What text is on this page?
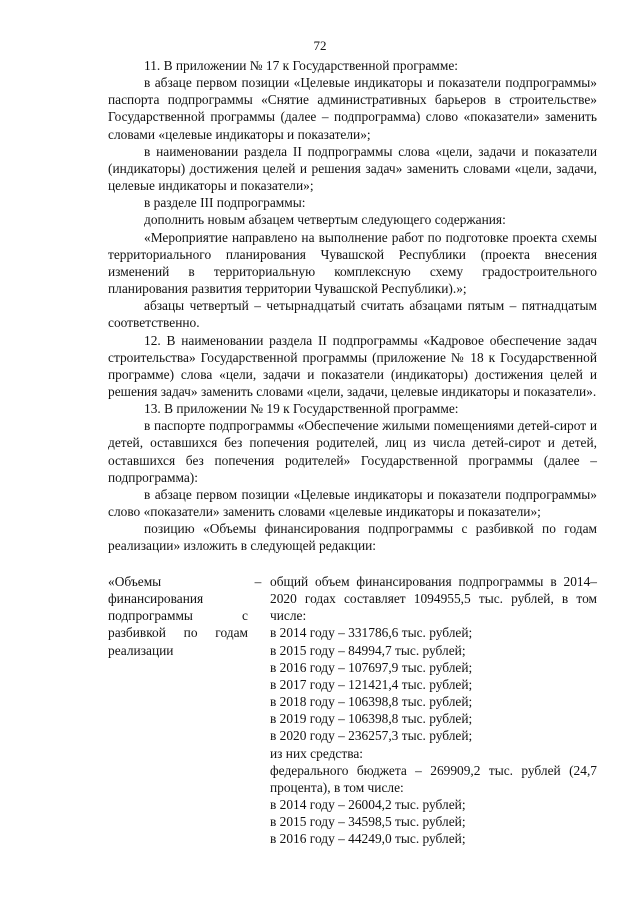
72

11. В приложении № 17 к Государственной программе:

в абзаце первом позиции «Целевые индикаторы и показатели подпрограммы» паспорта подпрограммы «Снятие административных барьеров в строительстве» Государственной программы (далее – подпрограмма) слово «показатели» заменить словами «целевые индикаторы и показатели»;

в наименовании раздела II подпрограммы слова «цели, задачи и показатели (индикаторы) достижения целей и решения задач» заменить словами «цели, задачи, целевые индикаторы и показатели»;

в разделе III подпрограммы:

дополнить новым абзацем четвертым следующего содержания:

«Мероприятие направлено на выполнение работ по подготовке проекта схемы территориального планирования Чувашской Республики (проекта внесения изменений в территориальную комплексную схему градостроительного планирования развития территории Чувашской Республики).»;

абзацы четвертый – четырнадцатый считать абзацами пятым – пятнадцатым соответственно.

12. В наименовании раздела II подпрограммы «Кадровое обеспечение задач строительства» Государственной программы (приложение № 18 к Государственной программе) слова «цели, задачи и показатели (индикаторы) достижения целей и решения задач» заменить словами «цели, задачи, целевые индикаторы и показатели».

13. В приложении № 19 к Государственной программе:

в паспорте подпрограммы «Обеспечение жилыми помещениями детей-сирот и детей, оставшихся без попечения родителей, лиц из числа детей-сирот и детей, оставшихся без попечения родителей» Государственной программы (далее – подпрограмма):

в абзаце первом позиции «Целевые индикаторы и показатели подпрограммы» слово «показатели» заменить словами «целевые индикаторы и показатели»;

позицию «Объемы финансирования подпрограммы с разбивкой по годам реализации» изложить в следующей редакции:

«Объемы финансирования подпрограммы с разбивкой по годам реализации
– общий объем финансирования подпрограммы в 2014–2020 годах составляет 1094955,5 тыс. рублей, в том числе:
в 2014 году – 331786,6 тыс. рублей;
в 2015 году – 84994,7 тыс. рублей;
в 2016 году – 107697,9 тыс. рублей;
в 2017 году – 121421,4 тыс. рублей;
в 2018 году – 106398,8 тыс. рублей;
в 2019 году – 106398,8 тыс. рублей;
в 2020 году – 236257,3 тыс. рублей;
из них средства:
федерального бюджета – 269909,2 тыс. рублей (24,7 процента), в том числе:
в 2014 году – 26004,2 тыс. рублей;
в 2015 году – 34598,5 тыс. рублей;
в 2016 году – 44249,0 тыс. рублей;
